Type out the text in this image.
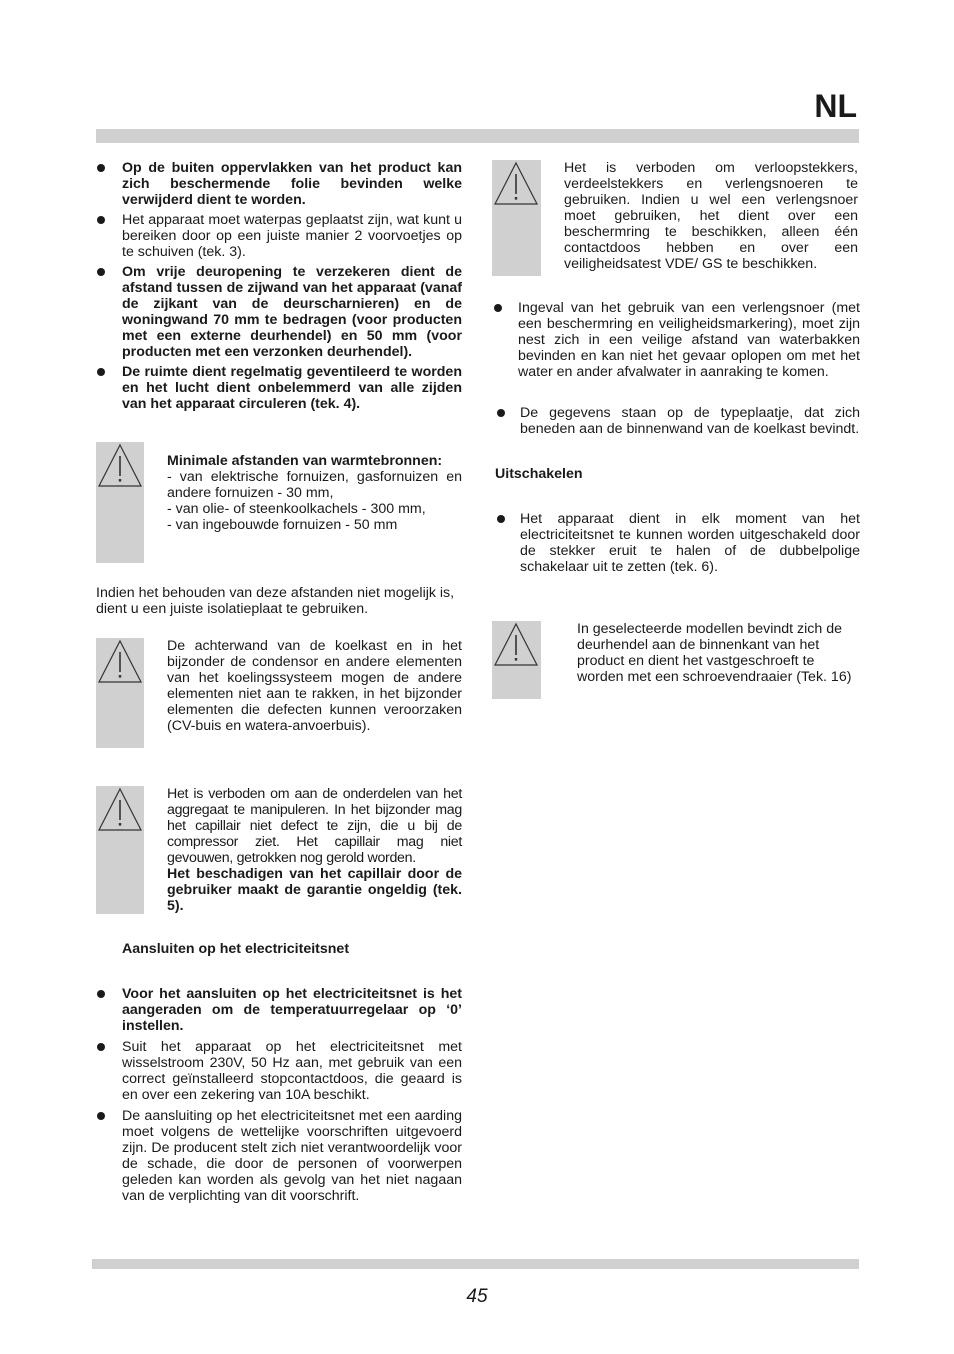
NL
Op de buiten oppervlakken van het product kan zich beschermende folie bevinden welke verwijderd dient te worden.
Het apparaat moet waterpas geplaatst zijn, wat kunt u bereiken door op een juiste manier 2 voorvoetjes op te schuiven (tek. 3).
Om vrije deuropening te verzekeren dient de afstand tussen de zijwand van het apparaat (vanaf de zijkant van de deurscharnieren) en de woningwand 70 mm te bedragen (voor producten met een externe deurhendel) en 50 mm (voor producten met een verzonken deurhendel).
De ruimte dient regelmatig geventileerd te worden en het lucht dient onbelemmerd van alle zijden van het apparaat circuleren (tek. 4).

Minimale afstanden van warmtebronnen:

- van elektrische fornuizen, gasfornuizen en andere fornuizen - 30 mm,

- van olie- of steenkoolkachels - 300 mm,

- van ingebouwde fornuizen - 50 mm

Indien het behouden van deze afstanden niet mogelijk is, dient u een juiste isolatieplaat te gebruiken.

De achterwand van de koelkast en in het bijzonder de condensor en andere elementen van het koelingssysteem mogen de andere elementen niet aan te rakken, in het bijzonder elementen die defecten kunnen veroorzaken (CV-buis en watera-anvoerbuis).

Het is verboden om aan de onderdelen van het aggregaat te manipuleren. In het bijzonder mag het capillair niet defect te zijn, die u bij de compressor ziet. Het capillair mag niet gevouwen, getrokken nog gerold worden.

Het beschadigen van het capillair door de gebruiker maakt de garantie ongeldig (tek. 5).

Aansluiten op het electriciteitsnet

Voor het aansluiten op het electriciteitsnet is het aangeraden om de temperatuurregelaar op ‘0’ instellen.
Suit het apparaat op het electriciteitsnet met wisselstroom 230V, 50 Hz aan, met gebruik van een correct geïnstalleerd stopcontactdoos, die geaard is en over een zekering van 10A beschikt.
De aansluiting op het electriciteitsnet met een aarding moet volgens de wettelijke voorschriften uitgevoerd zijn. De producent stelt zich niet verantwoordelijk voor de schade, die door de personen of voorwerpen geleden kan worden als gevolg van het niet nagaan van de verplichting van dit voorschrift.
Het is verboden om verloopstekkers, verdeelstekkers en verlengsnoeren te gebruiken. Indien u wel een verlengsnoer moet gebruiken, het dient over een beschermring te beschikken, alleen één contactdoos hebben en over een veiligheidsatest VDE/ GS te beschikken.
Ingeval van het gebruik van een verlengsnoer (met een beschermring en veiligheidsmarkering), moet zijn nest zich in een veilige afstand van waterbakken bevinden en kan niet het gevaar oplopen om met het water en ander afvalwater in aanraking te komen.
De gegevens staan op de typeplaatje, dat zich beneden aan de binnenwand van de koelkast bevindt.

Uitschakelen

Het apparaat dient in elk moment van het electriciteitsnet te kunnen worden uitgeschakeld door de stekker eruit te halen of de dubbelpolige schakelaar uit te zetten (tek. 6).
In geselecteerde modellen bevindt zich de deurhendel aan de binnenkant van het product en dient het vastgeschroeft te worden met een schroevendraaier (Tek. 16)
45
